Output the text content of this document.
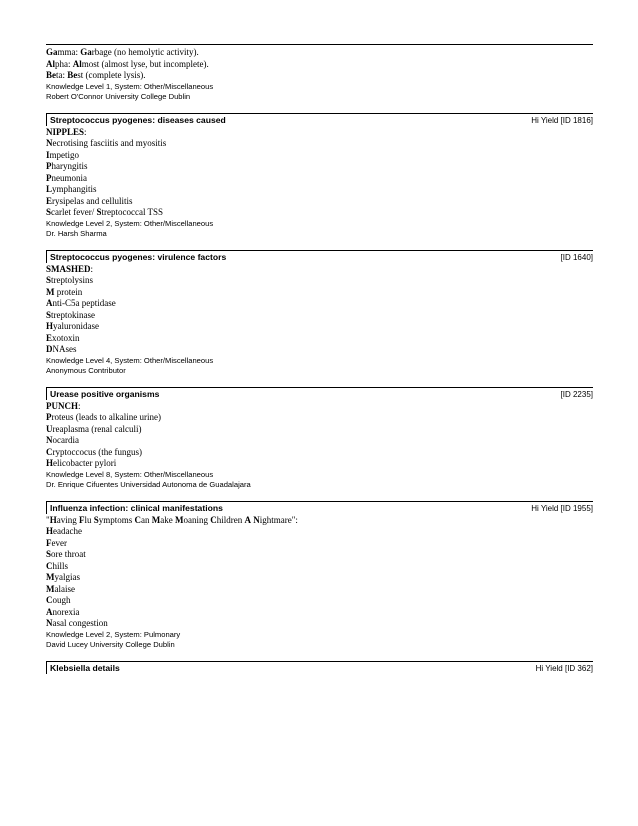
Gamma: Garbage (no hemolytic activity).
Alpha: Almost (almost lyse, but incomplete).
Beta: Best (complete lysis).
Knowledge Level 1, System: Other/Miscellaneous
Robert O'Connor University College Dublin
Streptococcus pyogenes: diseases caused	Hi Yield [ID 1816]
NIPPLES:
Necrotising fasciitis and myositis
Impetigo
Pharyngitis
Pneumonia
Lymphangitis
Erysipelas and cellulitis
Scarlet fever/ Streptococcal TSS
Knowledge Level 2, System: Other/Miscellaneous
Dr. Harsh Sharma
Streptococcus pyogenes: virulence factors	[ID 1640]
SMASHED:
Streptolysins
M protein
Anti-C5a peptidase
Streptokinase
Hyaluronidase
Exotoxin
DNAses
Knowledge Level 4, System: Other/Miscellaneous
Anonymous Contributor
Urease positive organisms	[ID 2235]
PUNCH:
Proteus (leads to alkaline urine)
Ureaplasma (renal calculi)
Nocardia
Cryptoccocus (the fungus)
Helicobacter pylori
Knowledge Level 8, System: Other/Miscellaneous
Dr. Enrique Cifuentes Universidad Autonoma de Guadalajara
Influenza infection: clinical manifestations	Hi Yield [ID 1955]
"Having Flu Symptoms Can Make Moaning Children A Nightmare":
Headache
Fever
Sore throat
Chills
Myalgias
Malaise
Cough
Anorexia
Nasal congestion
Knowledge Level 2, System: Pulmonary
David Lucey University College Dublin
Klebsiella details	Hi Yield [ID 362]
